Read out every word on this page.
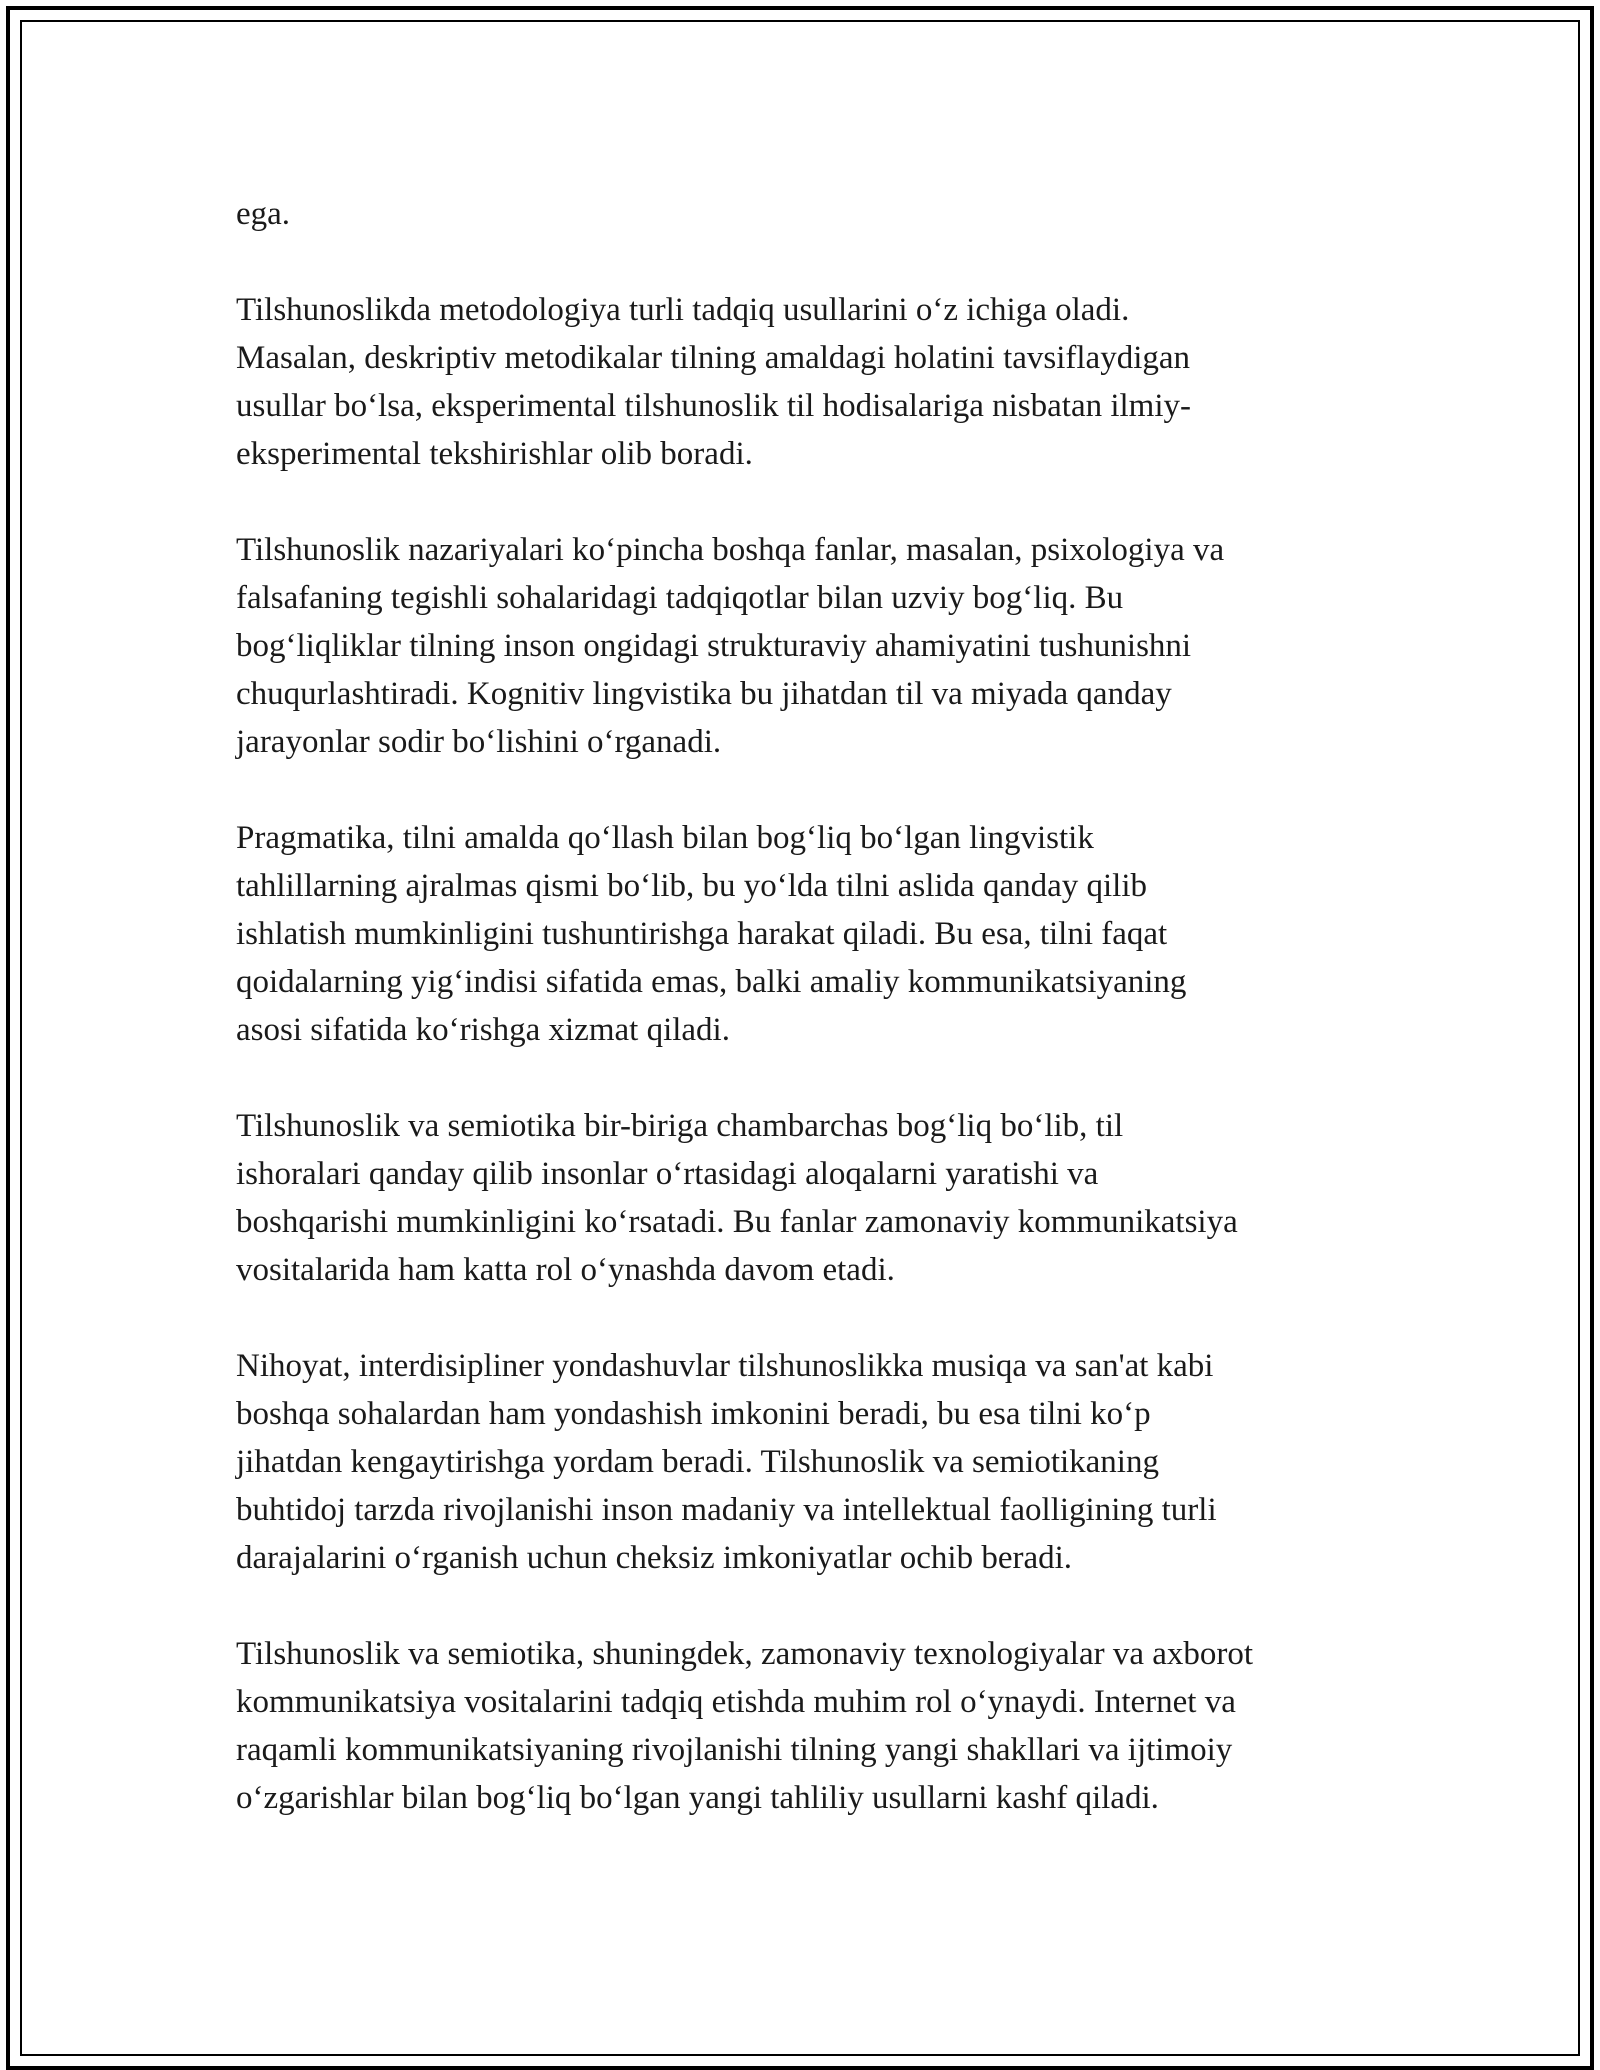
ega.

Tilshunoslikda metodologiya turli tadqiq usullarini o‘z ichiga oladi.
Masalan, deskriptiv metodikalar tilning amaldagi holatini tavsiflaydigan
usullar bo‘lsa, eksperimental tilshunoslik til hodisalariga nisbatan ilmiy-
eksperimental tekshirishlar olib boradi.

Tilshunoslik nazariyalari ko‘pincha boshqa fanlar, masalan, psixologiya va
falsafaning tegishli sohalaridagi tadqiqotlar bilan uzviy bog‘liq. Bu
bog‘liqliklar tilning inson ongidagi strukturaviy ahamiyatini tushunishni
chuqurlashtiradi. Kognitiv lingvistika bu jihatdan til va miyada qanday
jarayonlar sodir bo‘lishini o‘rganadi.

Pragmatika, tilni amalda qo‘llash bilan bog‘liq bo‘lgan lingvistik
tahlillarning ajralmas qismi bo‘lib, bu yo‘lda tilni aslida qanday qilib
ishlatish mumkinligini tushuntirishga harakat qiladi. Bu esa, tilni faqat
qoidalarning yig‘indisi sifatida emas, balki amaliy kommunikatsiyaning
asosi sifatida ko‘rishga xizmat qiladi.

Tilshunoslik va semiotika bir-biriga chambarchas bog‘liq bo‘lib, til
ishoralari qanday qilib insonlar o‘rtasidagi aloqalarni yaratishi va
boshqarishi mumkinligini ko‘rsatadi. Bu fanlar zamonaviy kommunikatsiya
vositalarida ham katta rol o‘ynashda davom etadi.

Nihoyat, interdisipliner yondashuvlar tilshunoslikka musiqa va san'at kabi
boshqa sohalardan ham yondashish imkonini beradi, bu esa tilni ko‘p
jihatdan kengaytirishga yordam beradi. Tilshunoslik va semiotikaning
buhtidoj tarzda rivojlanishi inson madaniy va intellektual faolligining turli
darajalarini o‘rganish uchun cheksiz imkoniyatlar ochib beradi.

Tilshunoslik va semiotika, shuningdek, zamonaviy texnologiyalar va axborot
kommunikatsiya vositalarini tadqiq etishda muhim rol o‘ynaydi. Internet va
raqamli kommunikatsiyaning rivojlanishi tilning yangi shakllari va ijtimoiy
o‘zgarishlar bilan bog‘liq bo‘lgan yangi tahliliy usullarni kashf qiladi.
